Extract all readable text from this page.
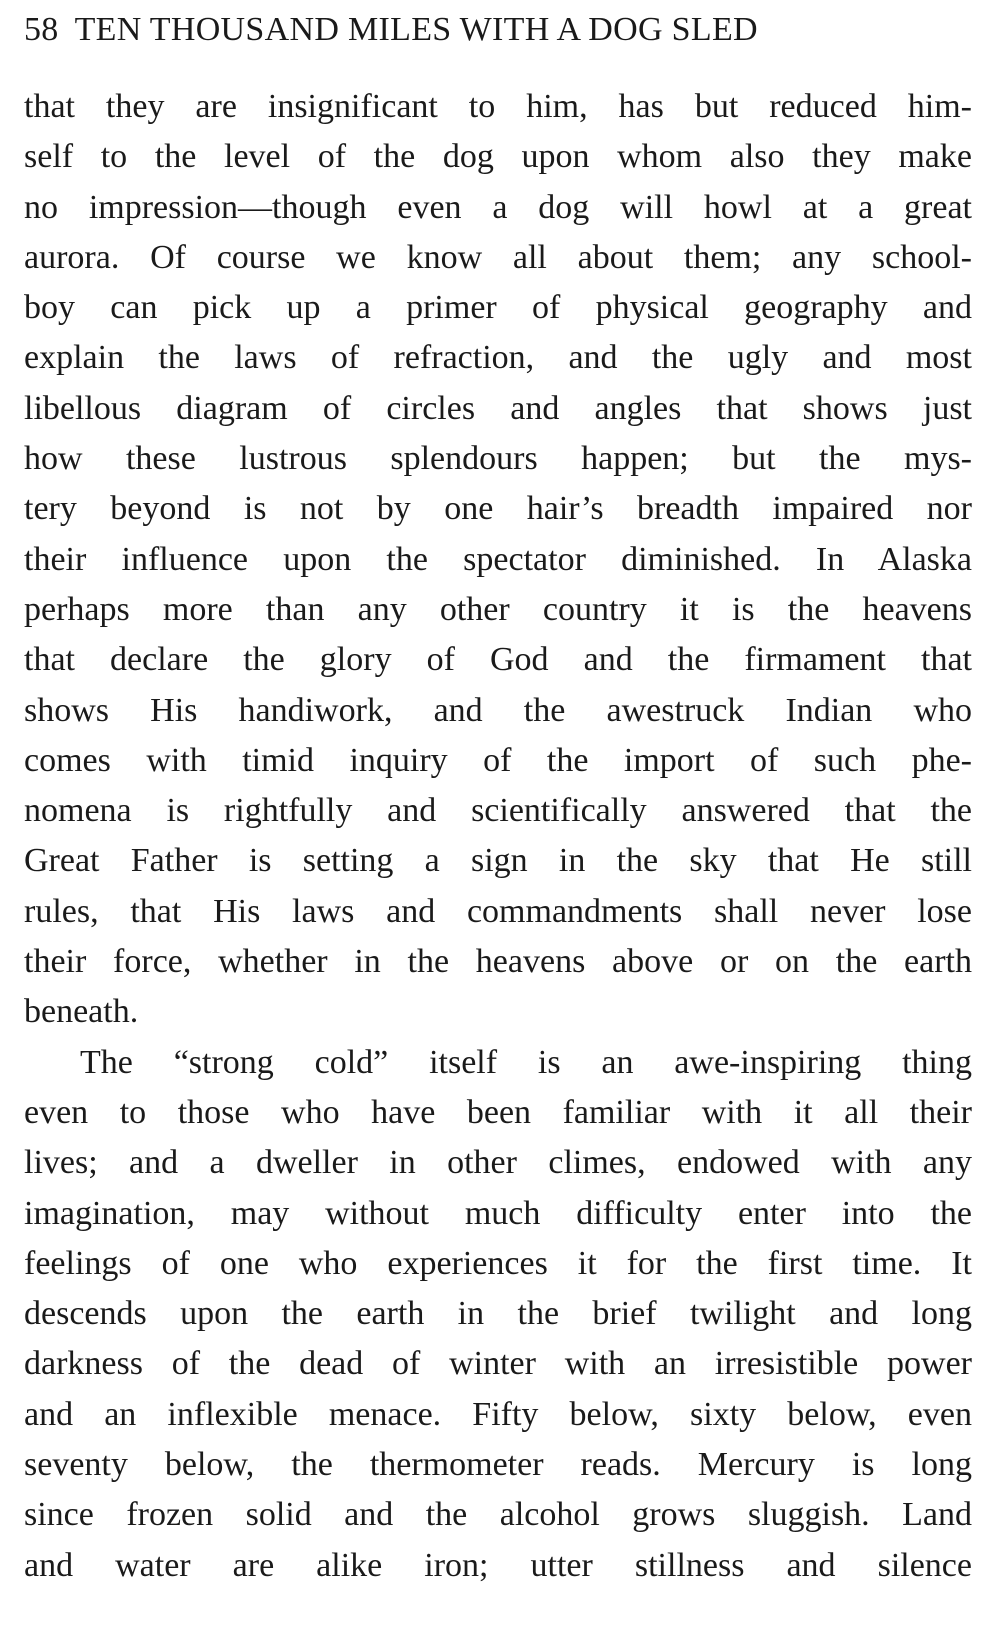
58 TEN THOUSAND MILES WITH A DOG SLED
that they are insignificant to him, has but reduced him-
self to the level of the dog upon whom also they make
no impression—though even a dog will howl at a great
aurora. Of course we know all about them; any school-
boy can pick up a primer of physical geography and
explain the laws of refraction, and the ugly and most
libellous diagram of circles and angles that shows just
how these lustrous splendours happen; but the mys-
tery beyond is not by one hair’s breadth impaired nor
their influence upon the spectator diminished. In Alaska
perhaps more than any other country it is the heavens
that declare the glory of God and the firmament that
shows His handiwork, and the awestruck Indian who
comes with timid inquiry of the import of such phe-
nomena is rightfully and scientifically answered that the
Great Father is setting a sign in the sky that He still
rules, that His laws and commandments shall never lose
their force, whether in the heavens above or on the earth
beneath.
The “strong cold” itself is an awe-inspiring thing
even to those who have been familiar with it all their
lives; and a dweller in other climes, endowed with any
imagination, may without much difficulty enter into the
feelings of one who experiences it for the first time. It
descends upon the earth in the brief twilight and long
darkness of the dead of winter with an irresistible power
and an inflexible menace. Fifty below, sixty below, even
seventy below, the thermometer reads. Mercury is long
since frozen solid and the alcohol grows sluggish. Land
and water are alike iron; utter stillness and silence
